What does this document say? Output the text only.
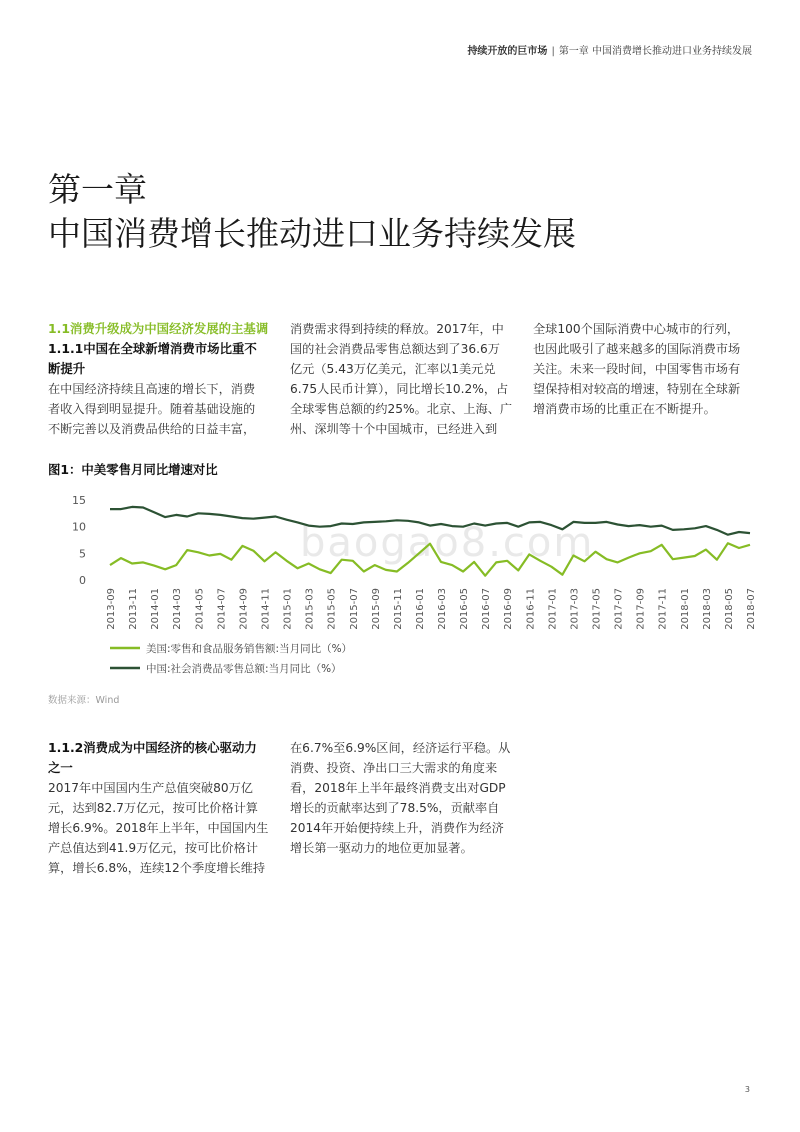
持续开放的巨市场 | 第一章 中国消费增长推动进口业务持续发展
第一章
中国消费增长推动进口业务持续发展

1.1消费升级成为中国经济发展的主基调

1.1.1中国在全球新增消费市场比重不断提升

在中国经济持续且高速的增长下，消费

者收入得到明显提升。随着基础设施的

不断完善以及消费品供给的日益丰富，

消费需求得到持续的释放。2017年，中

国的社会消费品零售总额达到了36.6万

亿元（5.43万亿美元，汇率以1美元兑

6.75人民币计算），同比增长10.2%，占

全球零售总额的约25%。北京、上海、广

州、深圳等十个中国城市，已经进入到

全球100个国际消费中心城市的行列，

也因此吸引了越来越多的国际消费市场

关注。未来一段时间，中国零售市场有

望保持相对较高的增速，特别在全球新

增消费市场的比重正在不断提升。

图1：中美零售月同比增速对比
baogao8.com
0
5
10
15
2013-09 2013-11 2014-01 2014-03 2014-05 2014-07 2014-09 2014-11 2015-01 2015-03 2015-05 2015-07 2015-09 2015-11 2016-01 2016-03 2016-05 2016-07 2016-09 2016-11 2017-01 2017-03 2017-05 2017-07 2017-09 2017-11 2018-01 2018-03 2018-05 2018-07
美国:零售和食品服务销售额:当月同比（%）
中国:社会消费品零售总额:当月同比（%）
数据来源：Wind

1.1.2消费成为中国经济的核心驱动力之一

2017年中国国内生产总值突破80万亿

元，达到82.7万亿元，按可比价格计算

增长6.9%。2018年上半年，中国国内生

产总值达到41.9万亿元，按可比价格计

算，增长6.8%，连续12个季度增长维持

在6.7%至6.9%区间，经济运行平稳。从

消费、投资、净出口三大需求的角度来

看，2018年上半年最终消费支出对GDP

增长的贡献率达到了78.5%，贡献率自

2014年开始便持续上升，消费作为经济

增长第一驱动力的地位更加显著。

3
